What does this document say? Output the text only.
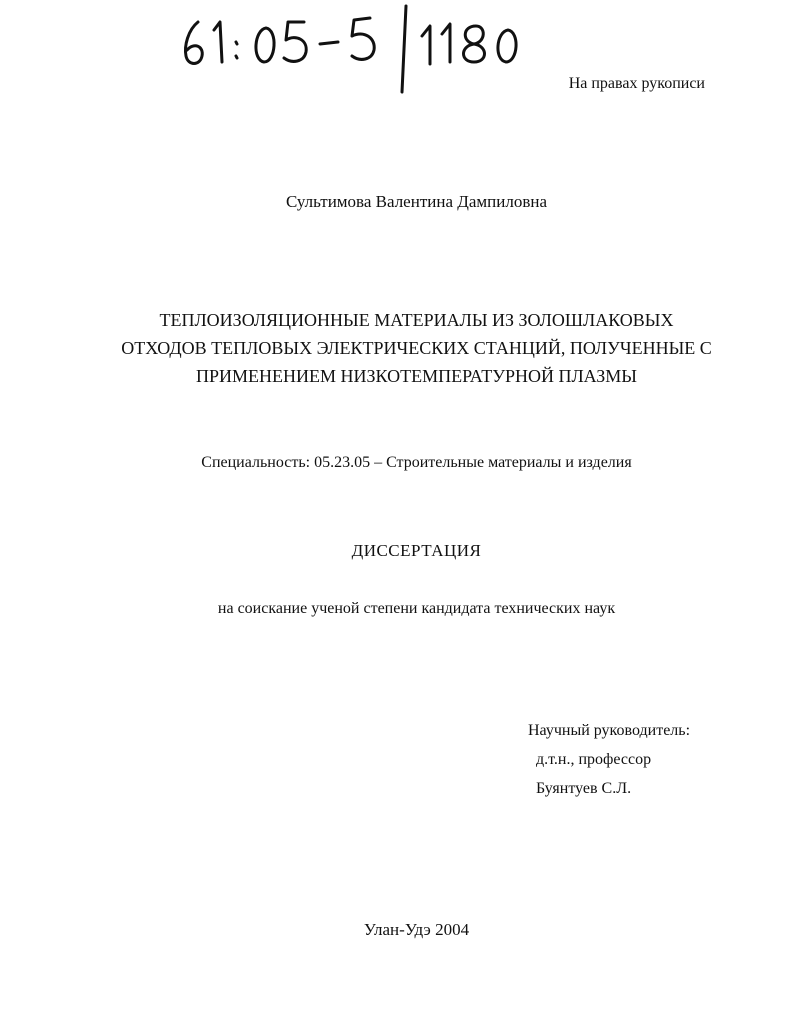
На правах рукописи
Сультимова Валентина Дампиловна
ТЕПЛОИЗОЛЯЦИОННЫЕ МАТЕРИАЛЫ ИЗ ЗОЛОШЛАКОВЫХ
ОТХОДОВ ТЕПЛОВЫХ ЭЛЕКТРИЧЕСКИХ СТАНЦИЙ, ПОЛУЧЕННЫЕ С
ПРИМЕНЕНИЕМ НИЗКОТЕМПЕРАТУРНОЙ ПЛАЗМЫ
Специальность: 05.23.05 – Строительные материалы и изделия
ДИССЕРТАЦИЯ
на соискание ученой степени кандидата технических наук
Научный руководитель:
д.т.н., профессор
Буянтуев С.Л.
Улан-Удэ 2004
